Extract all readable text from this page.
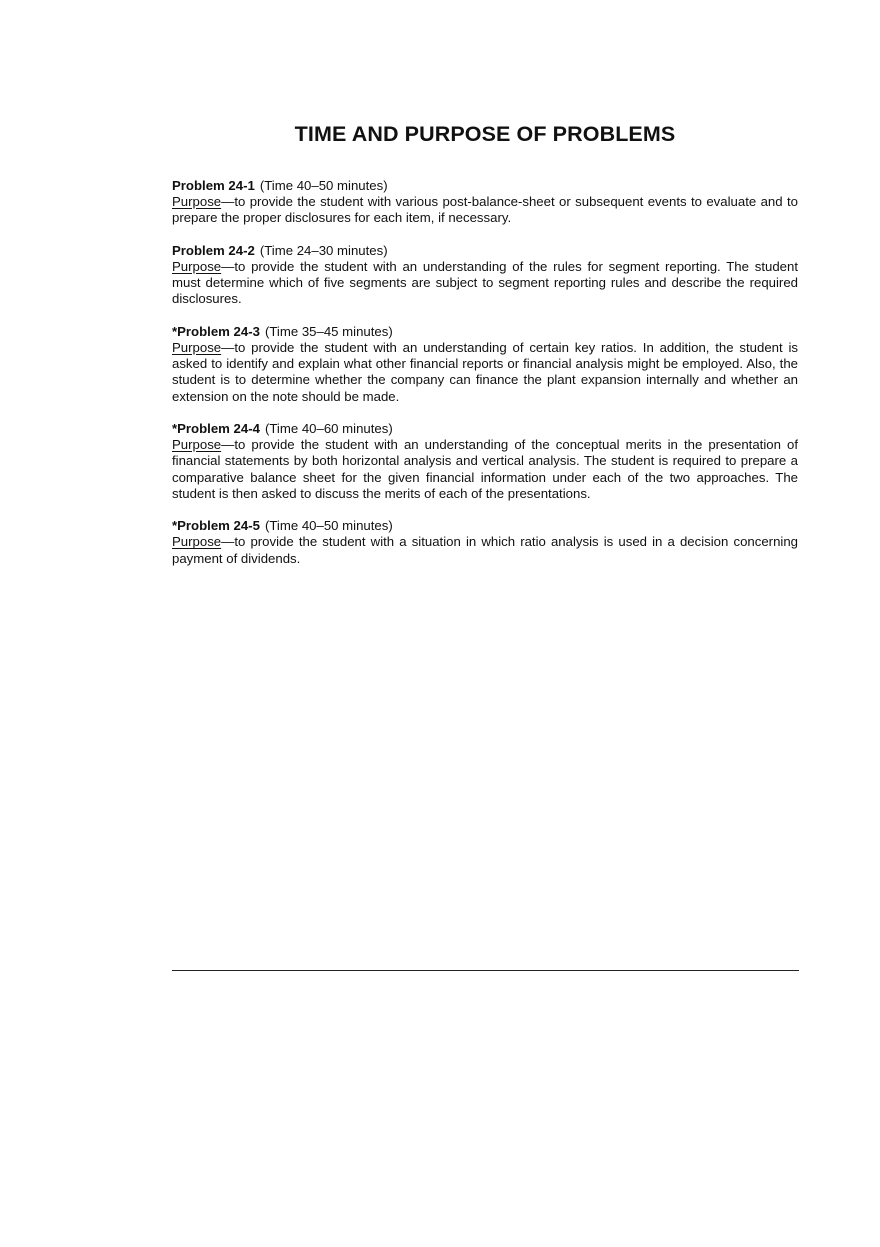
TIME AND PURPOSE OF PROBLEMS
Problem 24-1 (Time 40–50 minutes)
Purpose—to provide the student with various post-balance-sheet or subsequent events to evaluate and to prepare the proper disclosures for each item, if necessary.
Problem 24-2 (Time 24–30 minutes)
Purpose—to provide the student with an understanding of the rules for segment reporting. The student must determine which of five segments are subject to segment reporting rules and describe the required disclosures.
*Problem 24-3 (Time 35–45 minutes)
Purpose—to provide the student with an understanding of certain key ratios. In addition, the student is asked to identify and explain what other financial reports or financial analysis might be employed. Also, the student is to determine whether the company can finance the plant expansion internally and whether an extension on the note should be made.
*Problem 24-4 (Time 40–60 minutes)
Purpose—to provide the student with an understanding of the conceptual merits in the presentation of financial statements by both horizontal analysis and vertical analysis. The student is required to prepare a comparative balance sheet for the given financial information under each of the two approaches. The student is then asked to discuss the merits of each of the presentations.
*Problem 24-5 (Time 40–50 minutes)
Purpose—to provide the student with a situation in which ratio analysis is used in a decision concerning payment of dividends.
